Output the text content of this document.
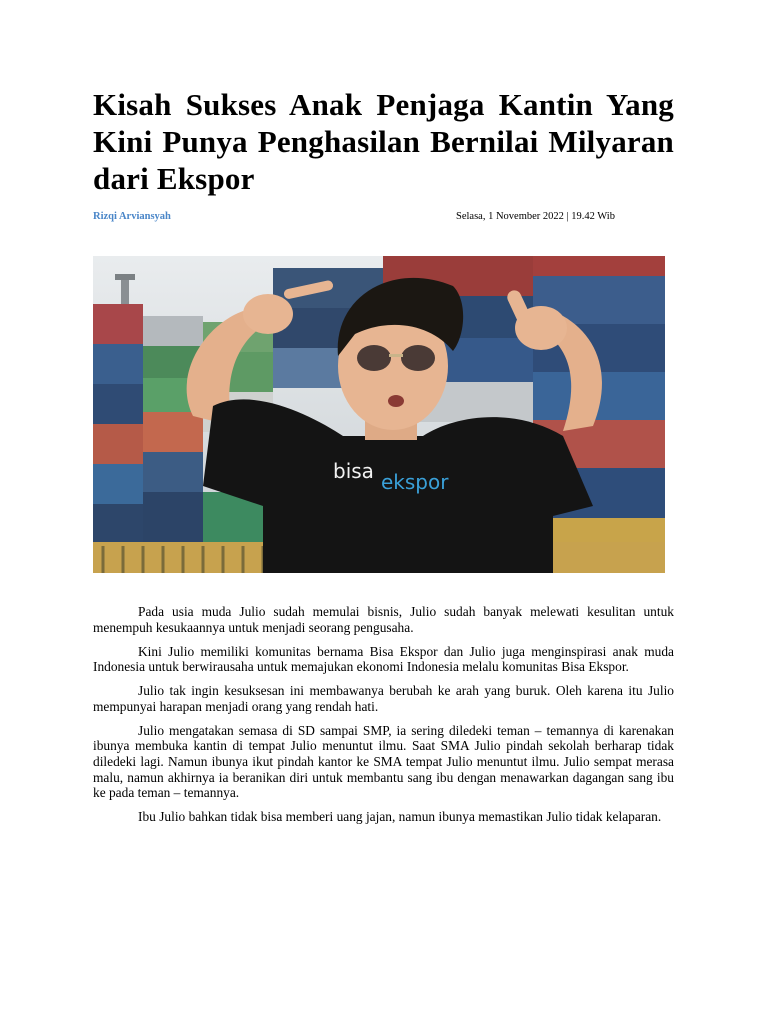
Kisah Sukses Anak Penjaga Kantin Yang Kini Punya Penghasilan Bernilai Milyaran dari Ekspor
Rizqi Arviansyah	Selasa, 1 November 2022 | 19.42 Wib
bisa ekspor

Pada usia muda Julio sudah memulai bisnis, Julio sudah banyak melewati kesulitan untuk menempuh kesukaannya untuk menjadi seorang pengusaha.

Kini Julio memiliki komunitas bernama Bisa Ekspor dan Julio juga menginspirasi anak muda Indonesia untuk berwirausaha untuk memajukan ekonomi Indonesia melalu komunitas Bisa Ekspor.

Julio tak ingin kesuksesan ini membawanya berubah ke arah yang buruk. Oleh karena itu Julio mempunyai harapan menjadi orang yang rendah hati.

Julio mengatakan semasa di SD sampai SMP, ia sering diledeki teman – temannya di karenakan ibunya membuka kantin di tempat Julio menuntut ilmu. Saat SMA Julio pindah sekolah berharap tidak diledeki lagi. Namun ibunya ikut pindah kantor ke SMA tempat Julio menuntut ilmu. Julio sempat merasa malu, namun akhirnya ia beranikan diri untuk membantu sang ibu dengan menawarkan dagangan sang ibu ke pada teman – temannya.

Ibu Julio bahkan tidak bisa memberi uang jajan, namun ibunya memastikan Julio tidak kelaparan.
